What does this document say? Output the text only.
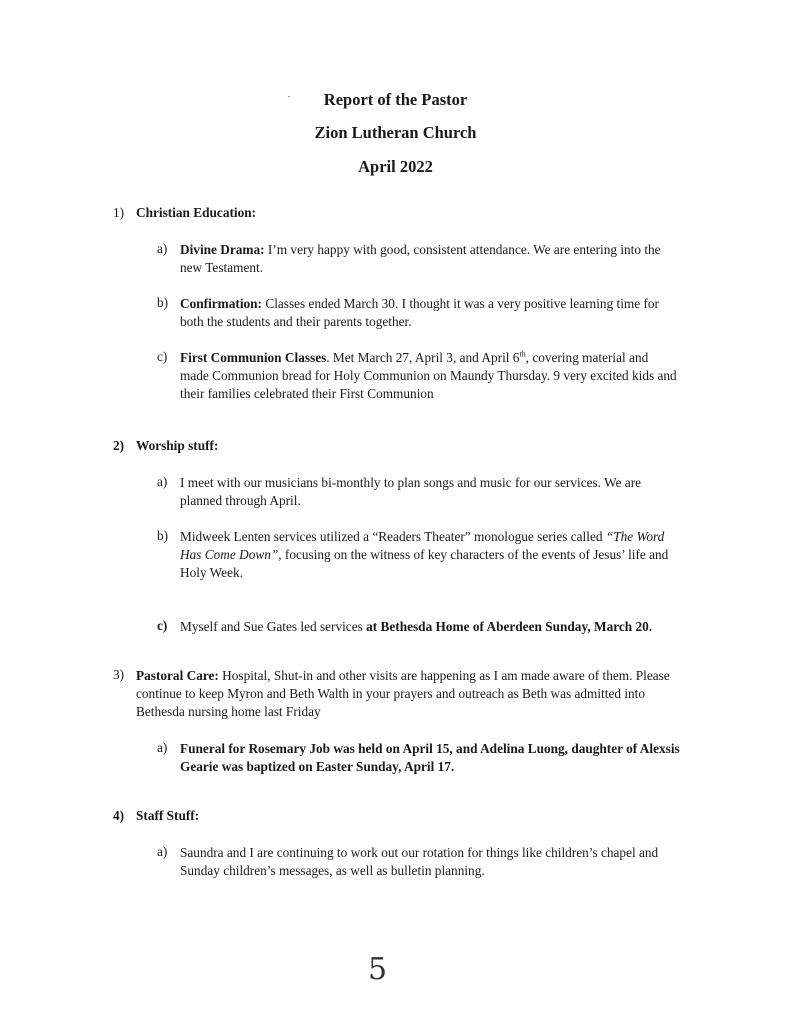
Report of the Pastor
Zion Lutheran Church
April 2022
1) Christian Education:
a) Divine Drama: I’m very happy with good, consistent attendance. We are entering into the new Testament.
b) Confirmation: Classes ended March 30. I thought it was a very positive learning time for both the students and their parents together.
c) First Communion Classes. Met March 27, April 3, and April 6th, covering material and made Communion bread for Holy Communion on Maundy Thursday. 9 very excited kids and their families celebrated their First Communion
2) Worship stuff:
a) I meet with our musicians bi-monthly to plan songs and music for our services. We are planned through April.
b) Midweek Lenten services utilized a “Readers Theater” monologue series called “The Word Has Come Down”, focusing on the witness of key characters of the events of Jesus’ life and Holy Week.
c) Myself and Sue Gates led services at Bethesda Home of Aberdeen Sunday, March 20.
3) Pastoral Care: Hospital, Shut-in and other visits are happening as I am made aware of them. Please continue to keep Myron and Beth Walth in your prayers and outreach as Beth was admitted into Bethesda nursing home last Friday
a) Funeral for Rosemary Job was held on April 15, and Adelina Luong, daughter of Alexsis Gearie was baptized on Easter Sunday, April 17.
4) Staff Stuff:
a) Saundra and I are continuing to work out our rotation for things like children’s chapel and Sunday children’s messages, as well as bulletin planning.
5
